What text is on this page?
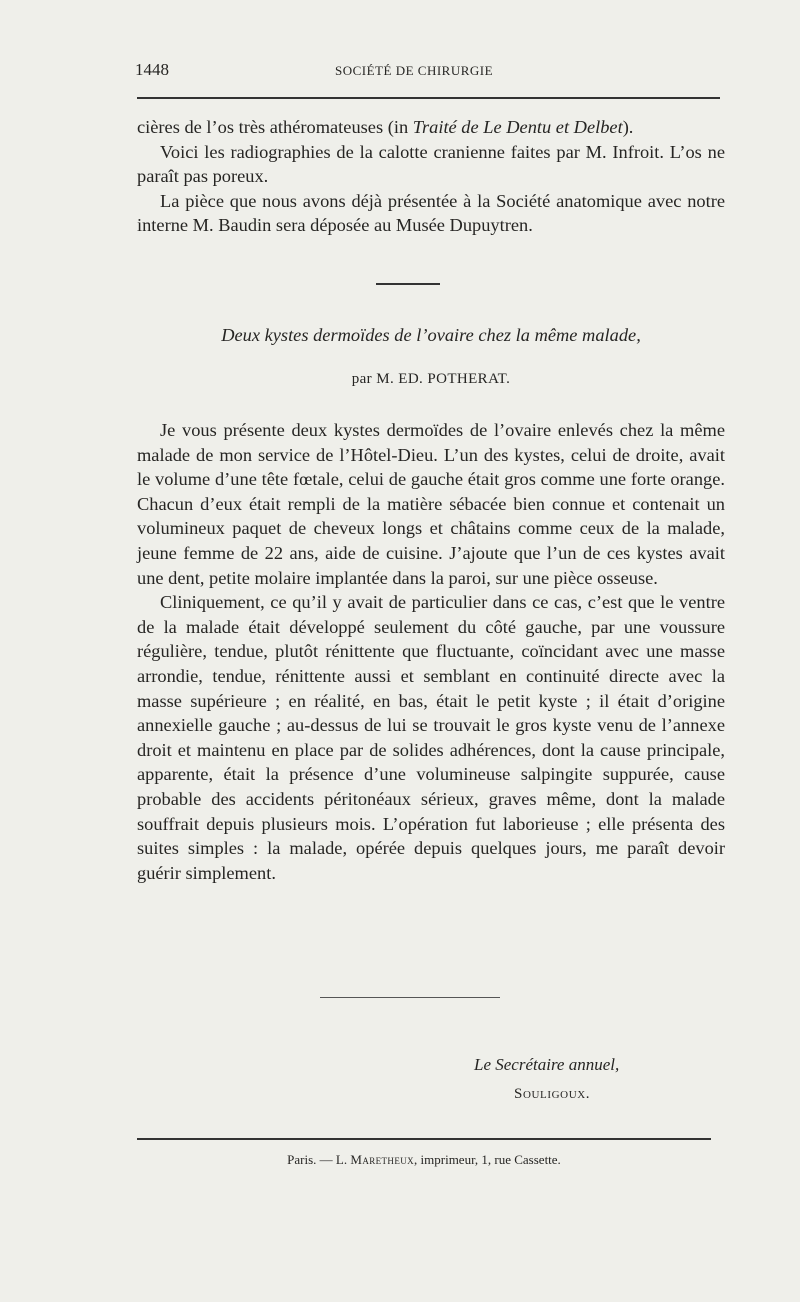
1448	SOCIÉTÉ DE CHIRURGIE

cières de l’os très athéromateuses (in Traité de Le Dentu et Delbet).

Voici les radiographies de la calotte cranienne faites par M. Infroit. L’os ne paraît pas poreux.

La pièce que nous avons déjà présentée à la Société anatomique avec notre interne M. Baudin sera déposée au Musée Dupuytren.

Deux kystes dermoïdes de l’ovaire chez la même malade,
par M. ED. POTHERAT.

Je vous présente deux kystes dermoïdes de l’ovaire enlevés chez la même malade de mon service de l’Hôtel-Dieu. L’un des kystes, celui de droite, avait le volume d’une tête fœtale, celui de gauche était gros comme une forte orange. Chacun d’eux était rempli de la matière sébacée bien connue et contenait un volumineux paquet de cheveux longs et châtains comme ceux de la malade, jeune femme de 22 ans, aide de cuisine. J’ajoute que l’un de ces kystes avait une dent, petite molaire implantée dans la paroi, sur une pièce osseuse.

Cliniquement, ce qu’il y avait de particulier dans ce cas, c’est que le ventre de la malade était développé seulement du côté gauche, par une voussure régulière, tendue, plutôt rénittente que fluctuante, coïncidant avec une masse arrondie, tendue, rénittente aussi et semblant en continuité directe avec la masse supérieure ; en réalité, en bas, était le petit kyste ; il était d’origine annexielle gauche ; au-dessus de lui se trouvait le gros kyste venu de l’annexe droit et maintenu en place par de solides adhérences, dont la cause principale, apparente, était la présence d’une volumineuse salpingite suppurée, cause probable des accidents péritonéaux sérieux, graves même, dont la malade souffrait depuis plusieurs mois. L’opération fut laborieuse ; elle présenta des suites simples : la malade, opérée depuis quelques jours, me paraît devoir guérir simplement.

Le Secrétaire annuel,
Souligoux.
Paris. — L. Maretheux, imprimeur, 1, rue Cassette.
